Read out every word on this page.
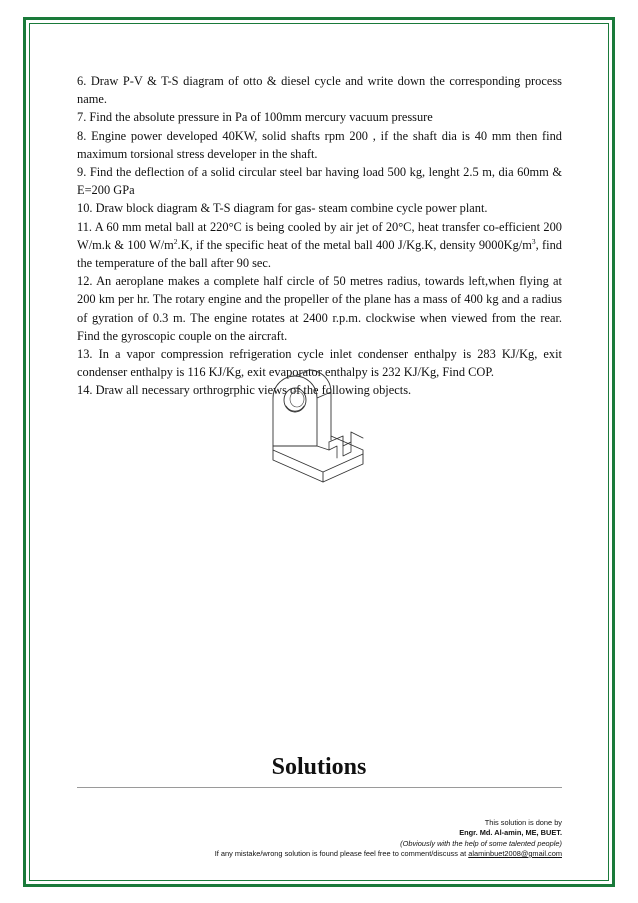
6. Draw P-V & T-S diagram of otto & diesel cycle and write down the corresponding process name.

7. Find the absolute pressure in Pa of 100mm mercury vacuum pressure

8. Engine power developed 40KW, solid shafts rpm 200 , if the shaft dia is 40 mm then find maximum torsional stress developer in the shaft.

9. Find the deflection of a solid circular steel bar having load 500 kg, lenght 2.5 m, dia 60mm & E=200 GPa

10. Draw block diagram & T-S diagram for gas- steam combine cycle power plant.

11. A 60 mm metal ball at 220°C is being cooled by air jet of 20°C, heat transfer co-efficient 200 W/m.k & 100 $W/m^2.K$, if the specific heat of the metal ball 400 J/Kg.K, density $9000Kg/m^3$, find the temperature of the ball after 90 sec.

12. An aeroplane makes a complete half circle of 50 metres radius, towards left,when flying at 200 km per hr. The rotary engine and the propeller of the plane has a mass of 400 kg and a radius of gyration of 0.3 m. The engine rotates at 2400 r.p.m. clockwise when viewed from the rear. Find the gyroscopic couple on the aircraft.

13. In a vapor compression refrigeration cycle inlet condenser enthalpy is 283 KJ/Kg, exit condenser enthalpy is 116 KJ/Kg, exit evaporator enthalpy is 232 KJ/Kg, Find COP.

14. Draw all necessary orthrogrphic views of the following objects.

Solutions
This solution is done by
Engr. Md. Al-amin, ME, BUET.
(Obviously with the help of some talented people)
If any mistake/wrong solution is found please feel free to comment/discuss at alaminbuet2008@gmail.com
